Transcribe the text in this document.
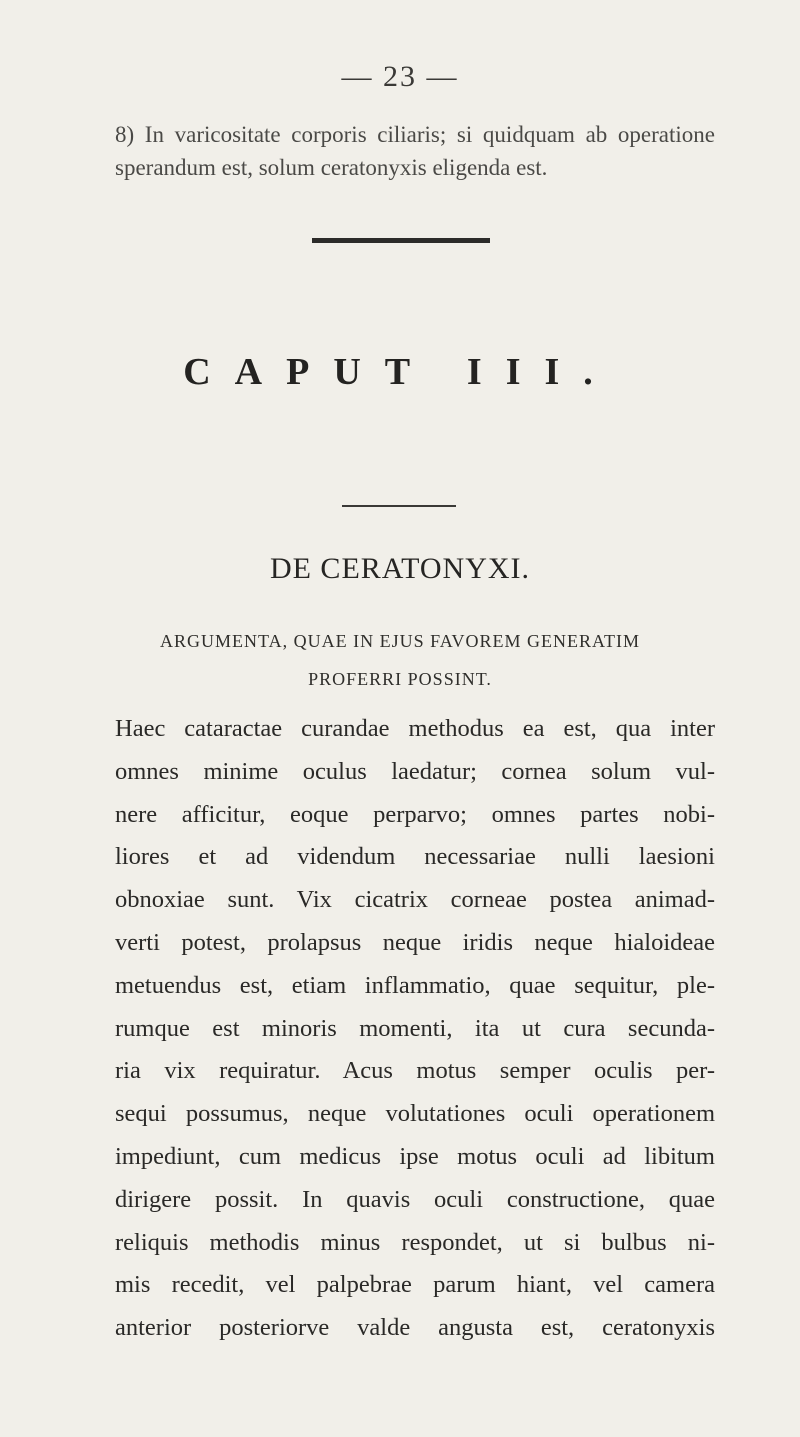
— 23 —

8) In varicositate corporis ciliaris; si quidquam ab operatione sperandum est, solum ceratonyxis eligenda est.

CAPUT III.
DE CERATONYXI.

ARGUMENTA, QUAE IN EJUS FAVOREM GENERATIM

PROFERRI POSSINT.

Haec cataractae curandae methodus ea est, qua inter
omnes minime oculus laedatur; cornea solum vul-
nere afficitur, eoque perparvo; omnes partes nobi-
liores et ad videndum necessariae nulli laesioni
obnoxiae sunt. Vix cicatrix corneae postea animad-
verti potest, prolapsus neque iridis neque hialoideae
metuendus est, etiam inflammatio, quae sequitur, ple-
rumque est minoris momenti, ita ut cura secunda-
ria vix requiratur. Acus motus semper oculis per-
sequi possumus, neque volutationes oculi operationem
impediunt, cum medicus ipse motus oculi ad libitum
dirigere possit. In quavis oculi constructione, quae
reliquis methodis minus respondet, ut si bulbus ni-
mis recedit, vel palpebrae parum hiant, vel camera
anterior posteriorve valde angusta est, ceratonyxis
